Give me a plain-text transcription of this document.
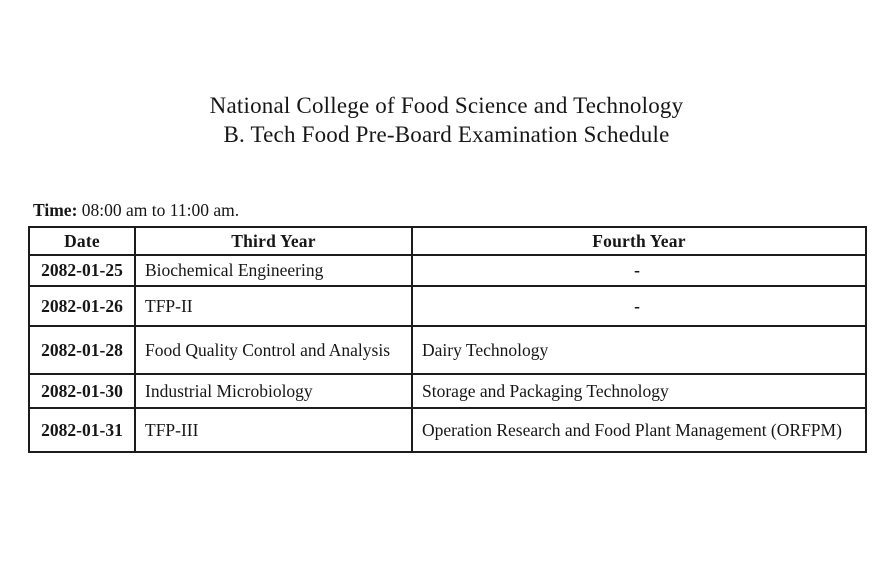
National College of Food Science and Technology
B. Tech Food Pre-Board Examination Schedule
Time: 08:00 am to 11:00 am.
Date	Third Year	Fourth Year
2082-01-25	Biochemical Engineering	-
2082-01-26	TFP-II	-
2082-01-28	Food Quality Control and Analysis	Dairy Technology
2082-01-30	Industrial Microbiology	Storage and Packaging Technology
2082-01-31	TFP-III	Operation Research and Food Plant Management (ORFPM)
